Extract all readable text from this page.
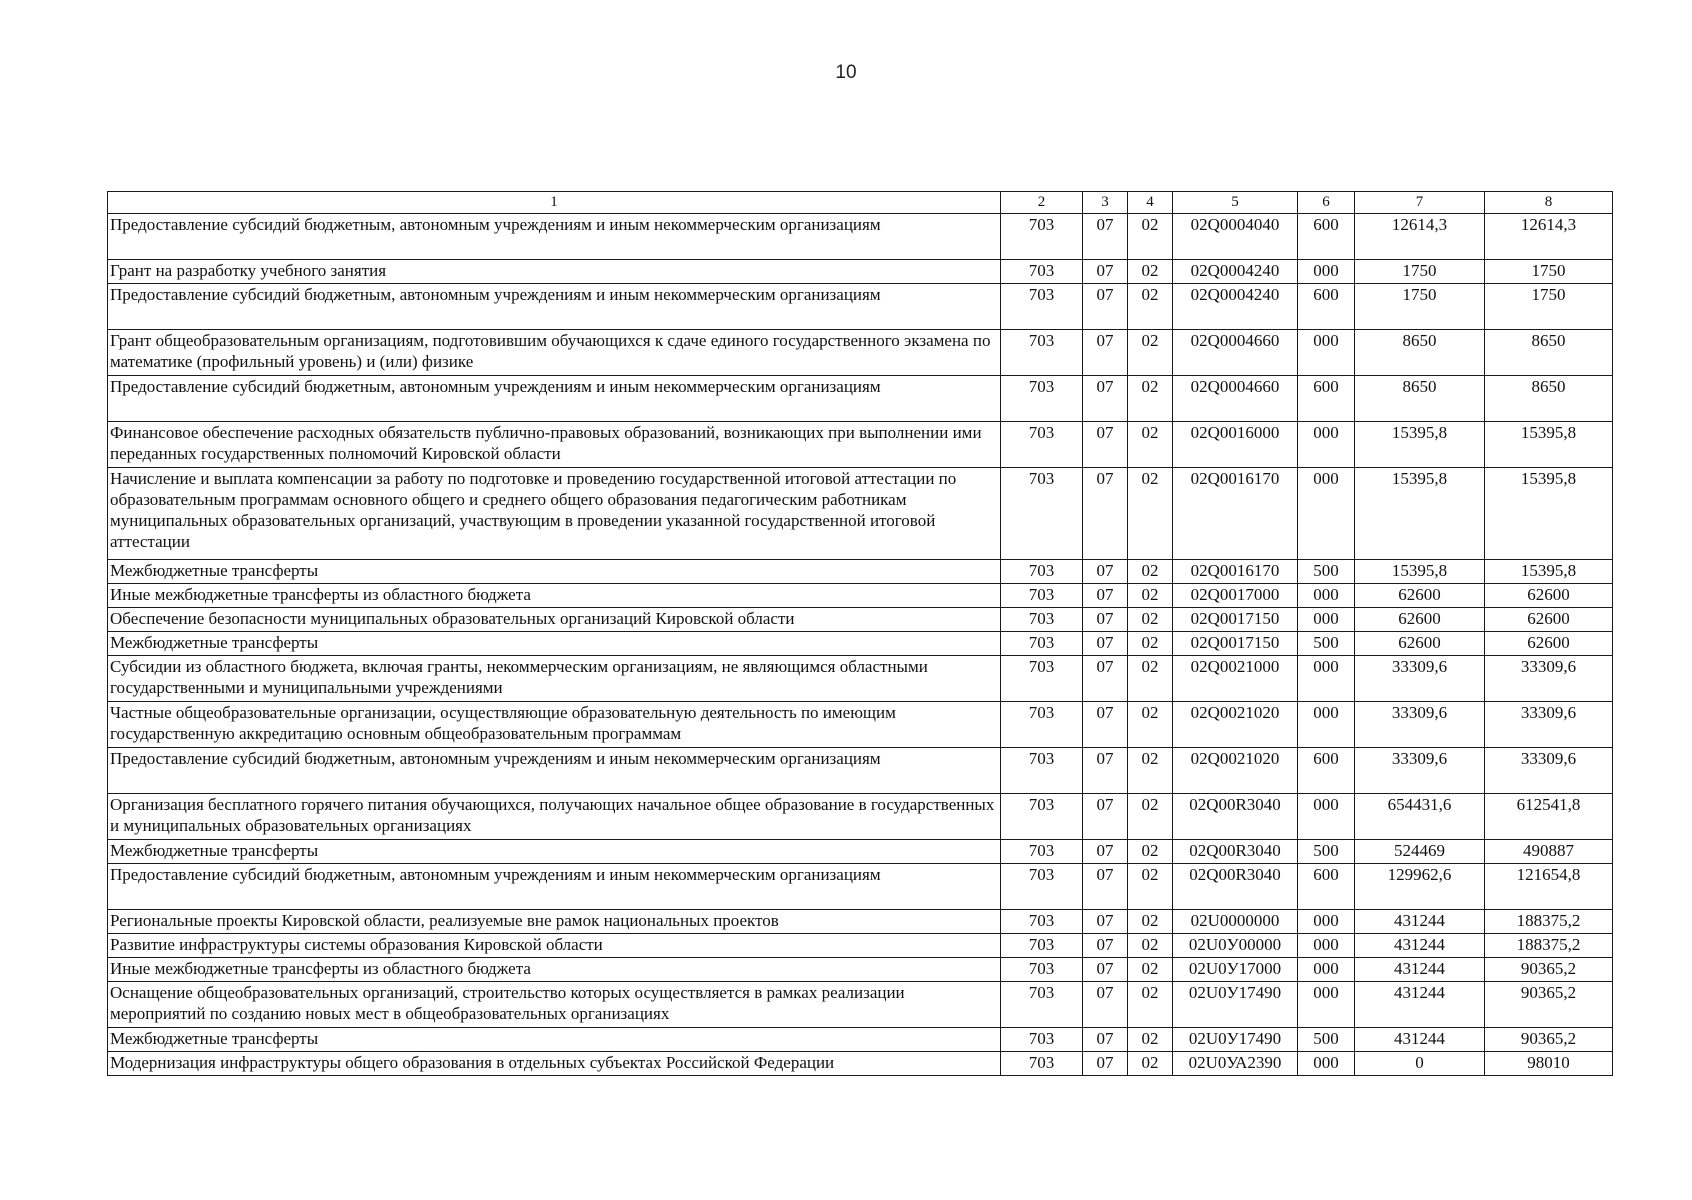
10
1	2	3	4	5	6	7	8
Предоставление субсидий бюджетным, автономным учреждениям и иным некоммерческим организациям	703	07	02	02Q0004040	600	12614,3	12614,3
Грант на разработку учебного занятия	703	07	02	02Q0004240	000	1750	1750
Предоставление субсидий бюджетным, автономным учреждениям и иным некоммерческим организациям	703	07	02	02Q0004240	600	1750	1750
Грант общеобразовательным организациям, подготовившим обучающихся к сдаче единого государственного экзамена по математике (профильный уровень) и (или) физике	703	07	02	02Q0004660	000	8650	8650
Предоставление субсидий бюджетным, автономным учреждениям и иным некоммерческим организациям	703	07	02	02Q0004660	600	8650	8650
Финансовое обеспечение расходных обязательств публично-правовых образований, возникающих при выполнении ими переданных государственных полномочий Кировской области	703	07	02	02Q0016000	000	15395,8	15395,8
Начисление и выплата компенсации за работу по подготовке и проведению государственной итоговой аттестации по образовательным программам основного общего и среднего общего образования педагогическим работникам муниципальных образовательных организаций, участвующим в проведении указанной государственной итоговой аттестации	703	07	02	02Q0016170	000	15395,8	15395,8
Межбюджетные трансферты	703	07	02	02Q0016170	500	15395,8	15395,8
Иные межбюджетные трансферты из областного бюджета	703	07	02	02Q0017000	000	62600	62600
Обеспечение безопасности муниципальных образовательных организаций Кировской области	703	07	02	02Q0017150	000	62600	62600
Межбюджетные трансферты	703	07	02	02Q0017150	500	62600	62600
Субсидии из областного бюджета, включая гранты, некоммерческим организациям, не являющимся областными государственными и муниципальными учреждениями	703	07	02	02Q0021000	000	33309,6	33309,6
Частные общеобразовательные организации, осуществляющие образовательную деятельность по имеющим государственную аккредитацию основным общеобразовательным программам	703	07	02	02Q0021020	000	33309,6	33309,6
Предоставление субсидий бюджетным, автономным учреждениям и иным некоммерческим организациям	703	07	02	02Q0021020	600	33309,6	33309,6
Организация бесплатного горячего питания обучающихся, получающих начальное общее образование в государственных и муниципальных образовательных организациях	703	07	02	02Q00R3040	000	654431,6	612541,8
Межбюджетные трансферты	703	07	02	02Q00R3040	500	524469	490887
Предоставление субсидий бюджетным, автономным учреждениям и иным некоммерческим организациям	703	07	02	02Q00R3040	600	129962,6	121654,8
Региональные проекты Кировской области, реализуемые вне рамок национальных проектов	703	07	02	02U0000000	000	431244	188375,2
Развитие инфраструктуры системы образования Кировской области	703	07	02	02U0У00000	000	431244	188375,2
Иные межбюджетные трансферты из областного бюджета	703	07	02	02U0У17000	000	431244	90365,2
Оснащение общеобразовательных организаций, строительство которых осуществляется в рамках реализации мероприятий по созданию новых мест в общеобразовательных организациях	703	07	02	02U0У17490	000	431244	90365,2
Межбюджетные трансферты	703	07	02	02U0У17490	500	431244	90365,2
Модернизация инфраструктуры общего образования в отдельных субъектах Российской Федерации	703	07	02	02U0УА2390	000	0	98010
